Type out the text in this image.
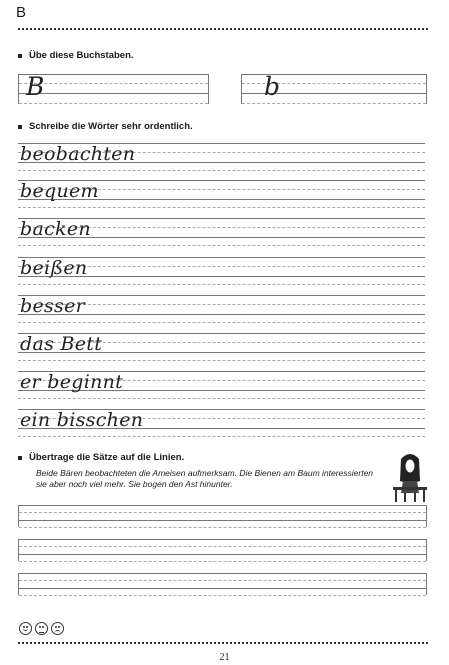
B
Übe diese Buchstaben.
B	b
Schreibe die Wörter sehr ordentlich.
beobachten
bequem
backen
beißen
besser
das Bett
er beginnt
ein bisschen
Übertrage die Sätze auf die Linien.
Beide Bären beobachteten die Ameisen aufmerksam. Die Bienen am Baum interessierten sie aber noch viel mehr. Sie bogen den Ast hinunter.
21
